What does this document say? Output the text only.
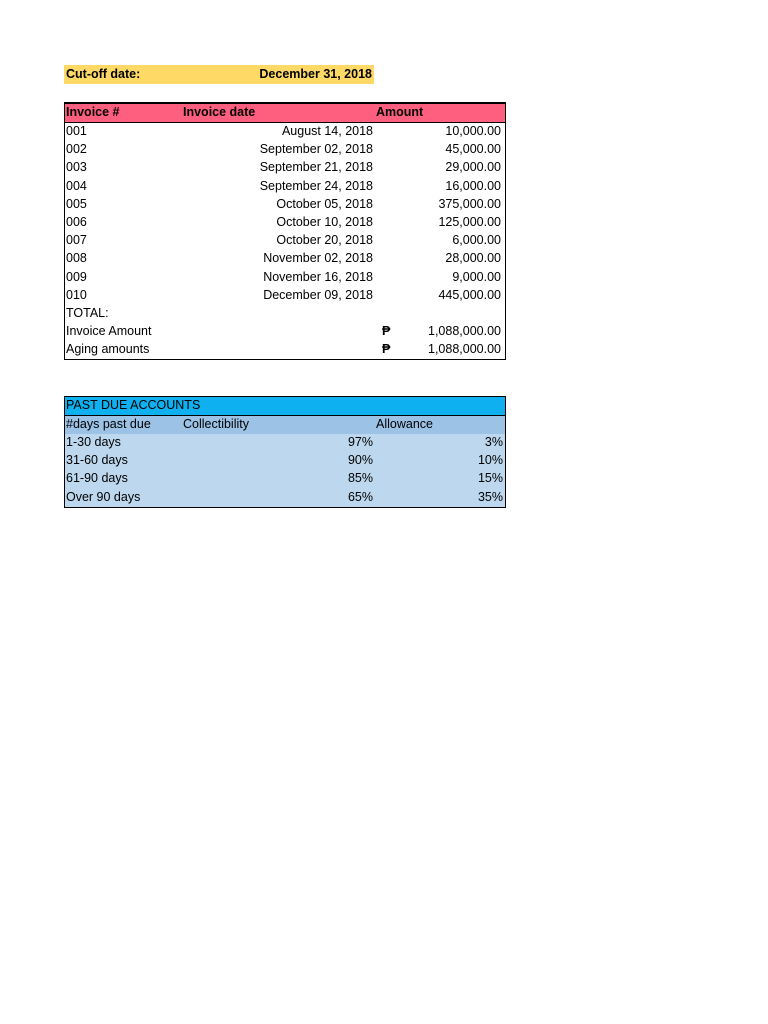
Cut-off date:	December 31, 2018
Invoice #	Invoice date	Amount
001	August 14, 2018	10,000.00
002	September 02, 2018	45,000.00
003	September 21, 2018	29,000.00
004	September 24, 2018	16,000.00
005	October 05, 2018	375,000.00
006	October 10, 2018	125,000.00
007	October 20, 2018	6,000.00
008	November 02, 2018	28,000.00
009	November 16, 2018	9,000.00
010	December 09, 2018	445,000.00
TOTAL:
Invoice Amount	₱	1,088,000.00
Aging amounts	₱	1,088,000.00
PAST DUE ACCOUNTS
#days past due	Collectibility	Allowance
1-30 days	97%	3%
31-60 days	90%	10%
61-90 days	85%	15%
Over 90 days	65%	35%
